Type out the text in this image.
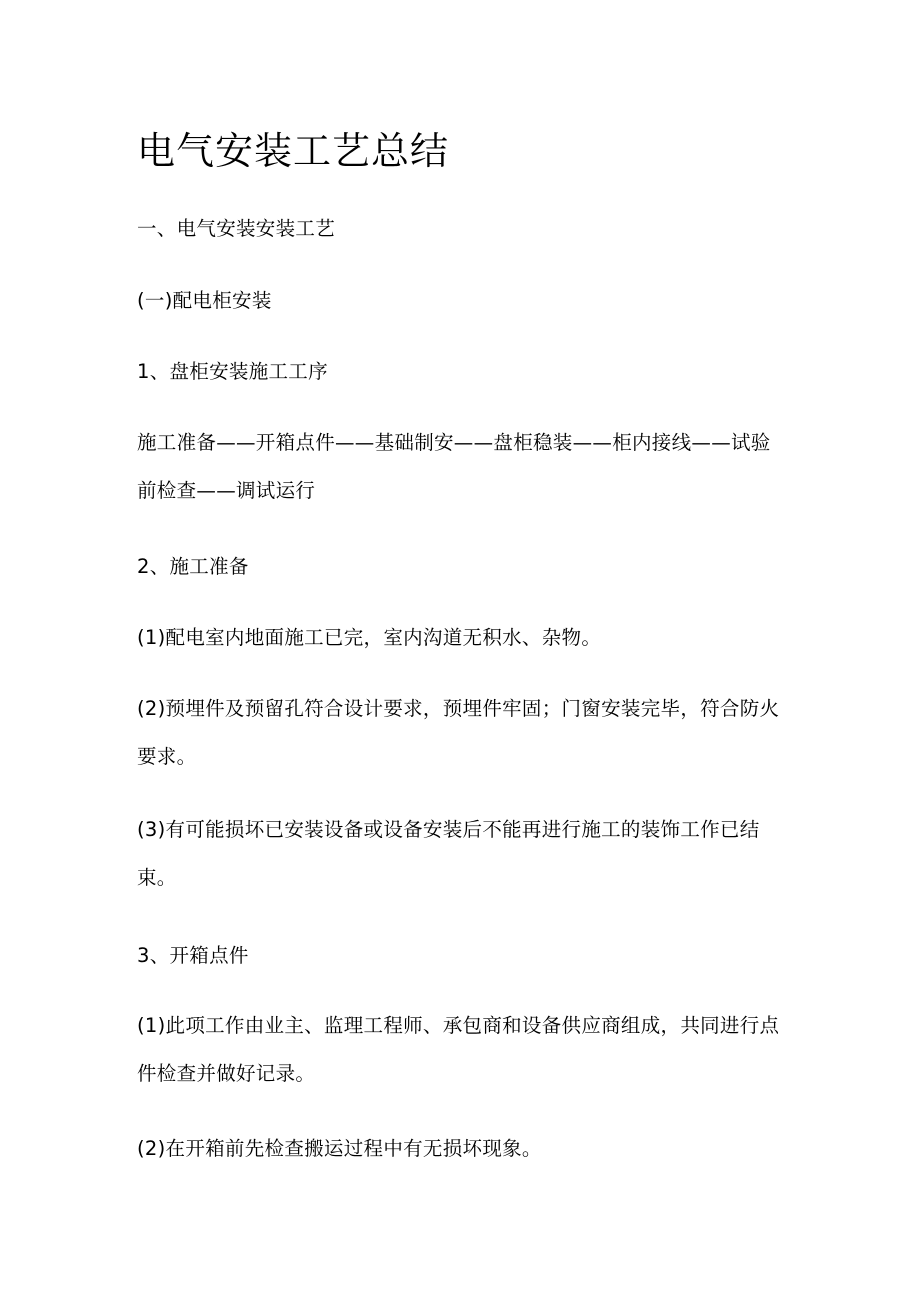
电气安装工艺总结

一、电气安装安装工艺

(一)配电柜安装

1、盘柜安装施工工序

施工准备——开箱点件——基础制安——盘柜稳装——柜内接线——试验前检查——调试运行

2、施工准备

(1)配电室内地面施工已完，室内沟道无积水、杂物。

(2)预埋件及预留孔符合设计要求，预埋件牢固；门窗安装完毕，符合防火要求。

(3)有可能损坏已安装设备或设备安装后不能再进行施工的装饰工作已结束。

3、开箱点件

(1)此项工作由业主、监理工程师、承包商和设备供应商组成，共同进行点件检查并做好记录。

(2)在开箱前先检查搬运过程中有无损坏现象。
